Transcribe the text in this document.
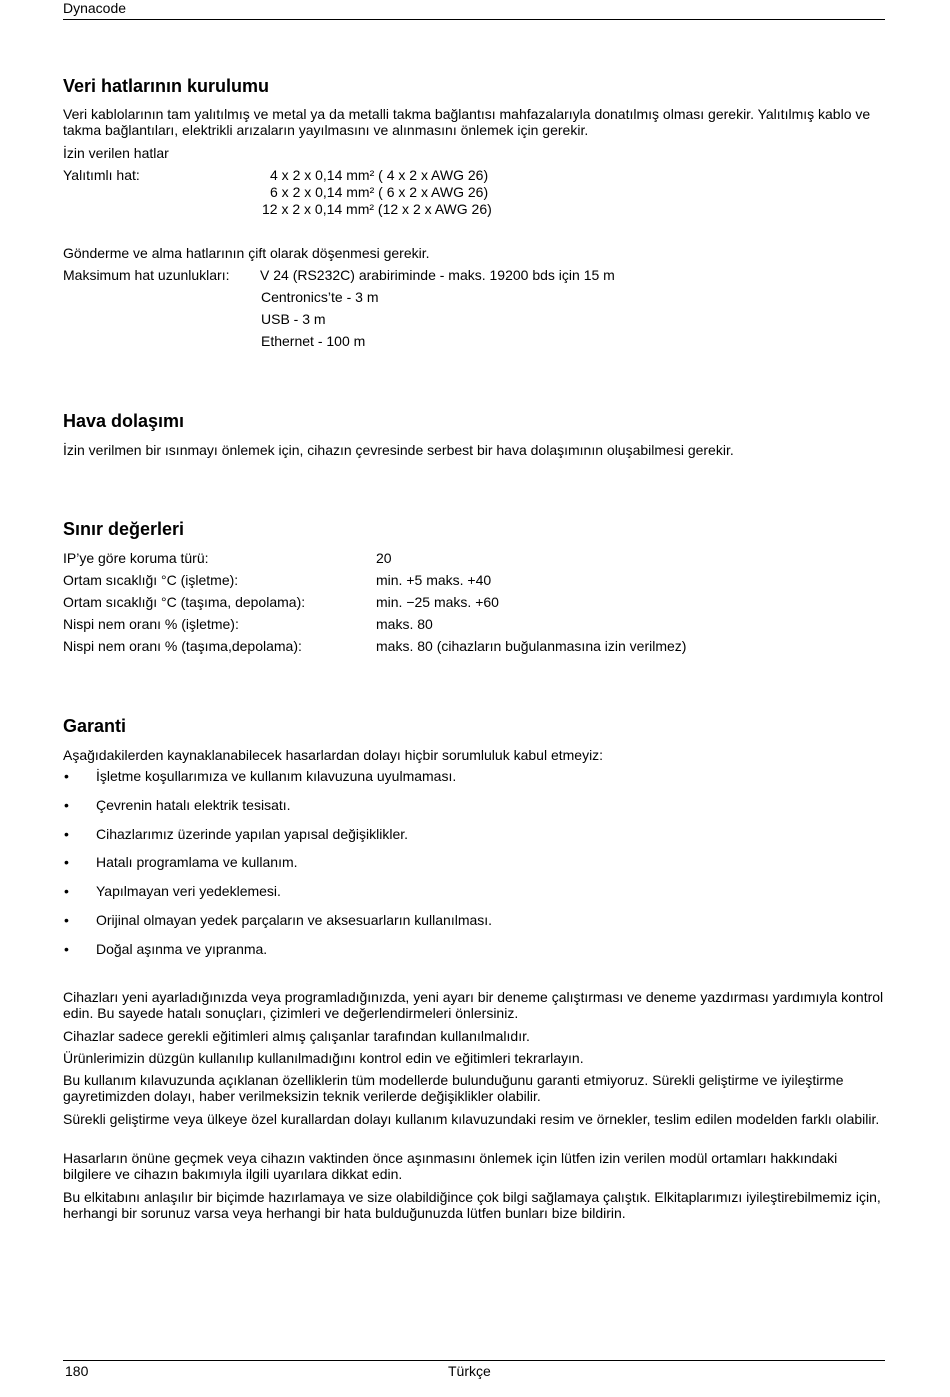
Dynacode
Veri hatlarının kurulumu

Veri kablolarının tam yalıtılmış ve metal ya da metalli takma bağlantısı mahfazalarıyla donatılmış olması gerekir. Yalıtılmış kablo ve takma bağlantıları, elektrikli arızaların yayılmasını ve alınmasını önlemek için gerekir.

İzin verilen hatlar

Yalıtımlı hat:	4 x 2 x 0,14 mm² ( 4 x 2 x AWG 26)

6 x 2 x 0,14 mm² ( 6 x 2 x AWG 26)

12 x 2 x 0,14 mm² (12 x 2 x AWG 26)

Gönderme ve alma hatlarının çift olarak döşenmesi gerekir.

Maksimum hat uzunlukları: V 24 (RS232C) arabiriminde - maks. 19200 bds için 15 m

Centronics’te - 3 m

USB - 3 m

Ethernet - 100 m

Hava dolaşımı

İzin verilmen bir ısınmayı önlemek için, cihazın çevresinde serbest bir hava dolaşımının oluşabilmesi gerekir.

Sınır değerleri

IP’ye göre koruma türü:	20

Ortam sıcaklığı °C (işletme):	min. +5 maks. +40

Ortam sıcaklığı °C (taşıma, depolama):	min. −25 maks. +60

Nispi nem oranı % (işletme):	maks. 80

Nispi nem oranı % (taşıma,depolama):	maks. 80 (cihazların buğulanmasına izin verilmez)

Garanti

Aşağıdakilerden kaynaklanabilecek hasarlardan dolayı hiçbir sorumluluk kabul etmeyiz:

• İşletme koşullarımıza ve kullanım kılavuzuna uyulmaması.
• Çevrenin hatalı elektrik tesisatı.
• Cihazlarımız üzerinde yapılan yapısal değişiklikler.
• Hatalı programlama ve kullanım.
• Yapılmayan veri yedeklemesi.
• Orijinal olmayan yedek parçaların ve aksesuarların kullanılması.
• Doğal aşınma ve yıpranma.

Cihazları yeni ayarladığınızda veya programladığınızda, yeni ayarı bir deneme çalıştırması ve deneme yazdırması yardımıyla kontrol edin. Bu sayede hatalı sonuçları, çizimleri ve değerlendirmeleri önlersiniz.

Cihazlar sadece gerekli eğitimleri almış çalışanlar tarafından kullanılmalıdır.

Ürünlerimizin düzgün kullanılıp kullanılmadığını kontrol edin ve eğitimleri tekrarlayın.

Bu kullanım kılavuzunda açıklanan özelliklerin tüm modellerde bulunduğunu garanti etmiyoruz. Sürekli geliştirme ve iyileştirme gayretimizden dolayı, haber verilmeksizin teknik verilerde değişiklikler olabilir.

Sürekli geliştirme veya ülkeye özel kurallardan dolayı kullanım kılavuzundaki resim ve örnekler, teslim edilen modelden farklı olabilir.

Hasarların önüne geçmek veya cihazın vaktinden önce aşınmasını önlemek için lütfen izin verilen modül ortamları hakkındaki bilgilere ve cihazın bakımıyla ilgili uyarılara dikkat edin.

Bu elkitabını anlaşılır bir biçimde hazırlamaya ve size olabildiğince çok bilgi sağlamaya çalıştık. Elkitaplarımızı iyileştirebilmemiz için, herhangi bir sorunuz varsa veya herhangi bir hata bulduğunuzda lütfen bunları bize bildirin.

180	Türkçe
